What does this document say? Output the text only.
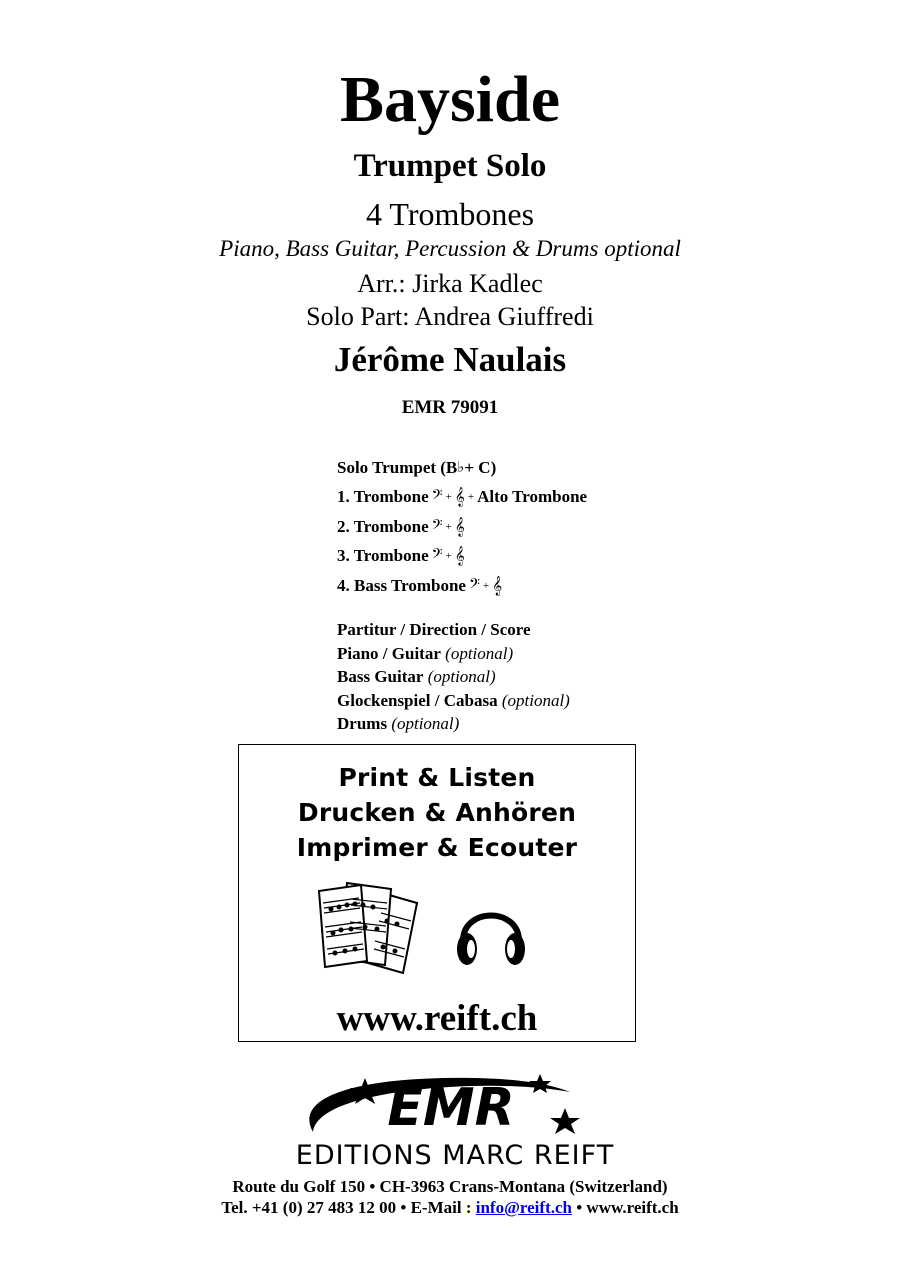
Bayside
Trumpet Solo
4 Trombones
Piano, Bass Guitar, Percussion & Drums optional
Arr.: Jirka Kadlec
Solo Part: Andrea Giuffredi
Jérôme Naulais
EMR 79091
Solo Trumpet (B ♭ + C)
1. Trombone 𝄢 + 𝄞 + Alto Trombone
2. Trombone 𝄢 + 𝄞
3. Trombone 𝄢 + 𝄞
4. Bass Trombone 𝄢 + 𝄞
Partitur / Direction / Score
Piano / Guitar (optional)
Bass Guitar (optional)
Glockenspiel / Cabasa (optional)
Drums (optional)
Print & Listen
Drucken & Anhören
Imprimer & Ecouter
www.reift.ch
EMR
EDITIONS MARC REIFT
Route du Golf 150 • CH-3963 Crans-Montana (Switzerland)
Tel. +41 (0) 27 483 12 00 • E-Mail : info@reift.ch • www.reift.ch
